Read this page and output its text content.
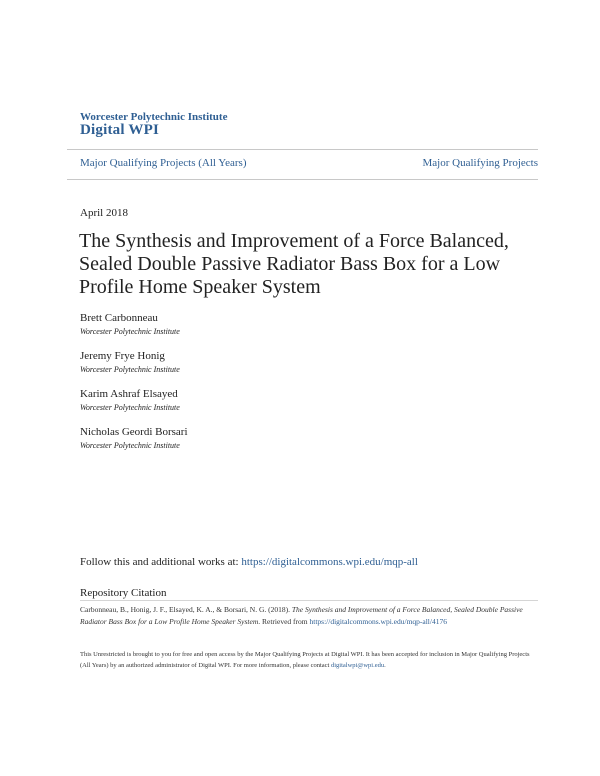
Worcester Polytechnic Institute
Digital WPI
Major Qualifying Projects (All Years)	Major Qualifying Projects
April 2018
The Synthesis and Improvement of a Force Balanced, Sealed Double Passive Radiator Bass Box for a Low Profile Home Speaker System
Brett Carbonneau
Worcester Polytechnic Institute
Jeremy Frye Honig
Worcester Polytechnic Institute
Karim Ashraf Elsayed
Worcester Polytechnic Institute
Nicholas Geordi Borsari
Worcester Polytechnic Institute
Follow this and additional works at: https://digitalcommons.wpi.edu/mqp-all
Repository Citation
Carbonneau, B., Honig, J. F., Elsayed, K. A., & Borsari, N. G. (2018). The Synthesis and Improvement of a Force Balanced, Sealed Double Passive Radiator Bass Box for a Low Profile Home Speaker System. Retrieved from https://digitalcommons.wpi.edu/mqp-all/4176
This Unrestricted is brought to you for free and open access by the Major Qualifying Projects at Digital WPI. It has been accepted for inclusion in Major Qualifying Projects (All Years) by an authorized administrator of Digital WPI. For more information, please contact digitalwpi@wpi.edu.
